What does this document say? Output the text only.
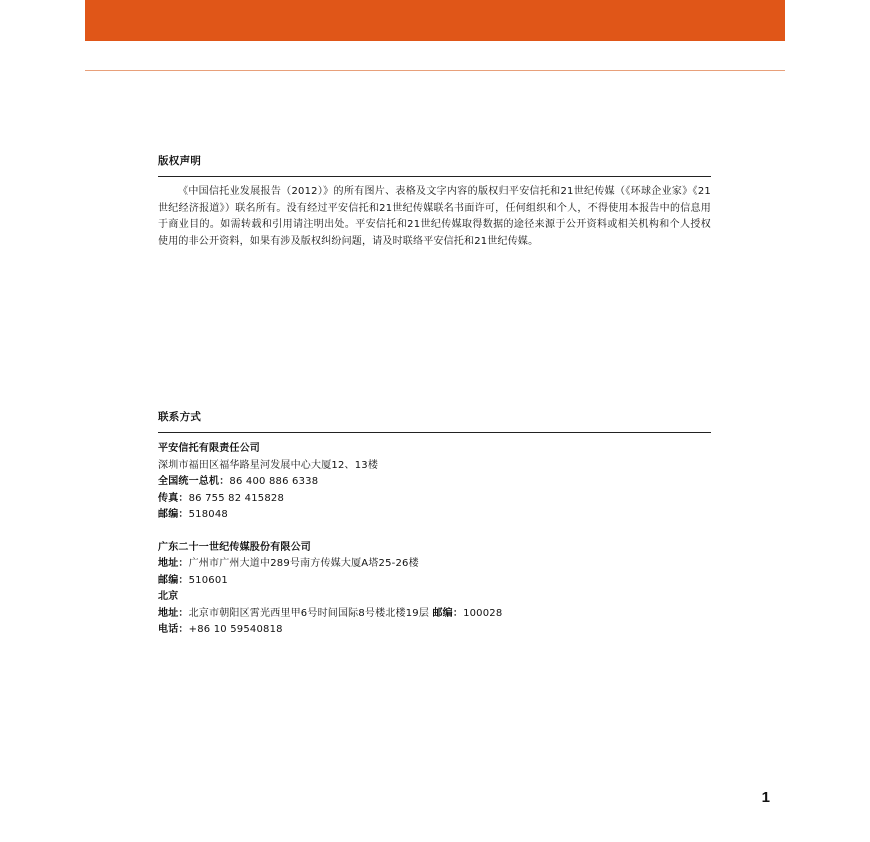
版权声明

《中国信托业发展报告（2012）》的所有图片、表格及文字内容的版权归平安信托和21世纪传媒（《环球企业家》《21世纪经济报道》）联名所有。没有经过平安信托和21世纪传媒联名书面许可，任何组织和个人，不得使用本报告中的信息用于商业目的。如需转载和引用请注明出处。平安信托和21世纪传媒取得数据的途径来源于公开资料或相关机构和个人授权使用的非公开资料，如果有涉及版权纠纷问题，请及时联络平安信托和21世纪传媒。

联系方式
平安信托有限责任公司
深圳市福田区福华路星河发展中心大厦12、13楼
全国统一总机：86 400 886 6338
传真：86 755 82 415828
邮编：518048
广东二十一世纪传媒股份有限公司
地址：广州市广州大道中289号南方传媒大厦A塔25-26楼
邮编：510601
北京
地址：北京市朝阳区霄光西里甲6号时间国际8号楼北楼19层 邮编：100028
电话：+86 10 59540818
1
